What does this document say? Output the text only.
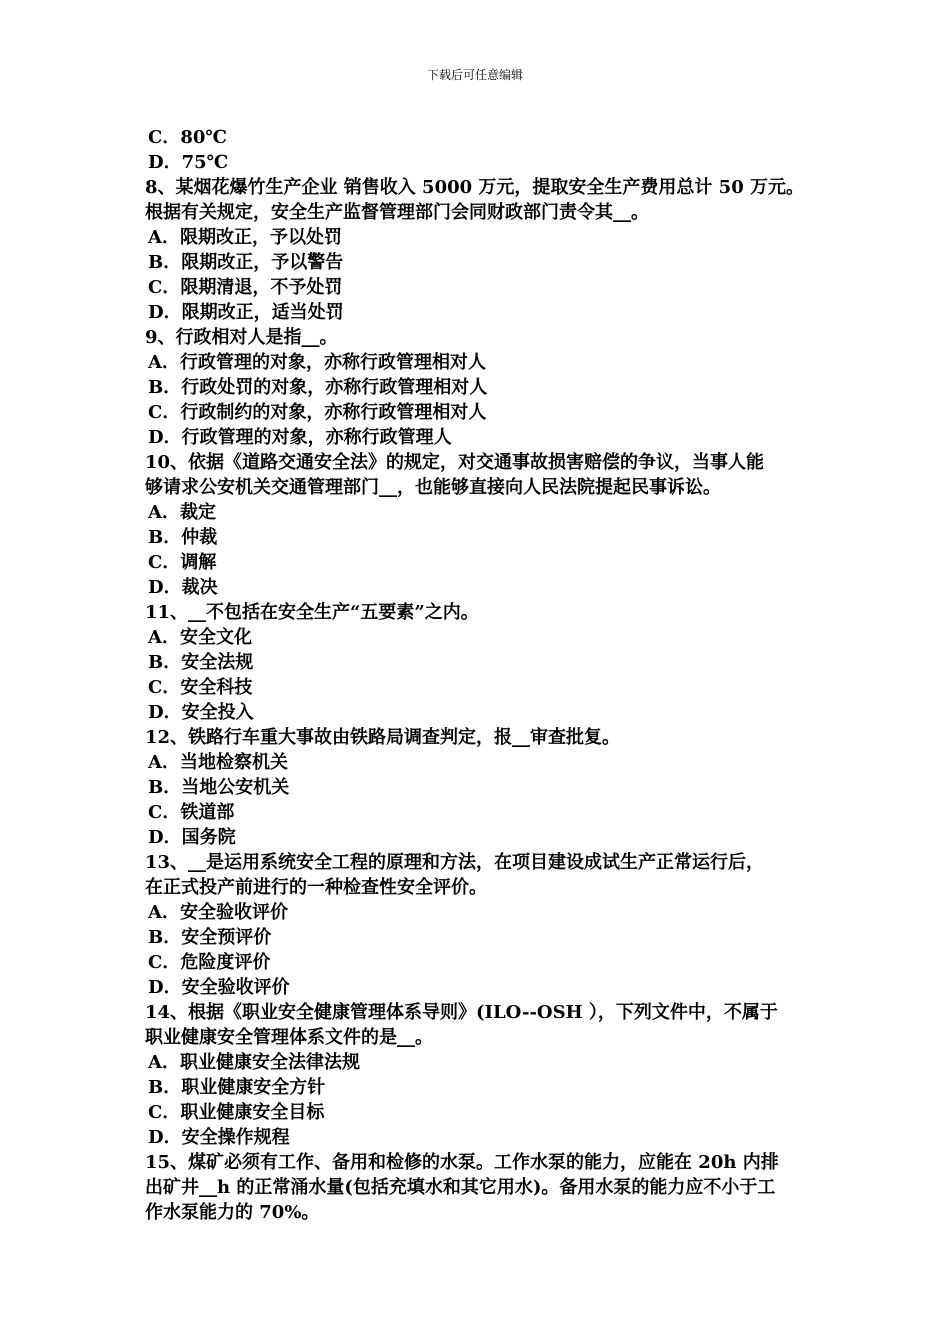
下载后可任意编辑
C．80℃
D．75℃
8、某烟花爆竹生产企业 销售收入 5000 万元，提取安全生产费用总计 50 万元。
根据有关规定，安全生产监督管理部门会同财政部门责令其__。
A．限期改正，予以处罚
B．限期改正，予以警告
C．限期清退，不予处罚
D．限期改正，适当处罚
9、行政相对人是指__。
A．行政管理的对象，亦称行政管理相对人
B．行政处罚的对象，亦称行政管理相对人
C．行政制约的对象，亦称行政管理相对人
D．行政管理的对象，亦称行政管理人
10、依据《道路交通安全法》的规定，对交通事故损害赔偿的争议，当事人能
够请求公安机关交通管理部门__，也能够直接向人民法院提起民事诉讼。
A．裁定
B．仲裁
C．调解
D．裁决
11、__不包括在安全生产“五要素”之内。
A．安全文化
B．安全法规
C．安全科技
D．安全投入
12、铁路行车重大事故由铁路局调查判定，报__审查批复。
A．当地检察机关
B．当地公安机关
C．铁道部
D．国务院
13、__是运用系统安全工程的原理和方法，在项目建设成试生产正常运行后，
在正式投产前进行的一种检查性安全评价。
A．安全验收评价
B．安全预评价
C．危险度评价
D．安全验收评价
14、根据《职业安全健康管理体系导则》(ILO--OSH ），下列文件中，不属于
职业健康安全管理体系文件的是__。
A．职业健康安全法律法规
B．职业健康安全方针
C．职业健康安全目标
D．安全操作规程
15、煤矿必须有工作、备用和检修的水泵。工作水泵的能力，应能在 20h 内排
出矿井__h 的正常涌水量(包括充填水和其它用水)。备用水泵的能力应不小于工
作水泵能力的 70%。
